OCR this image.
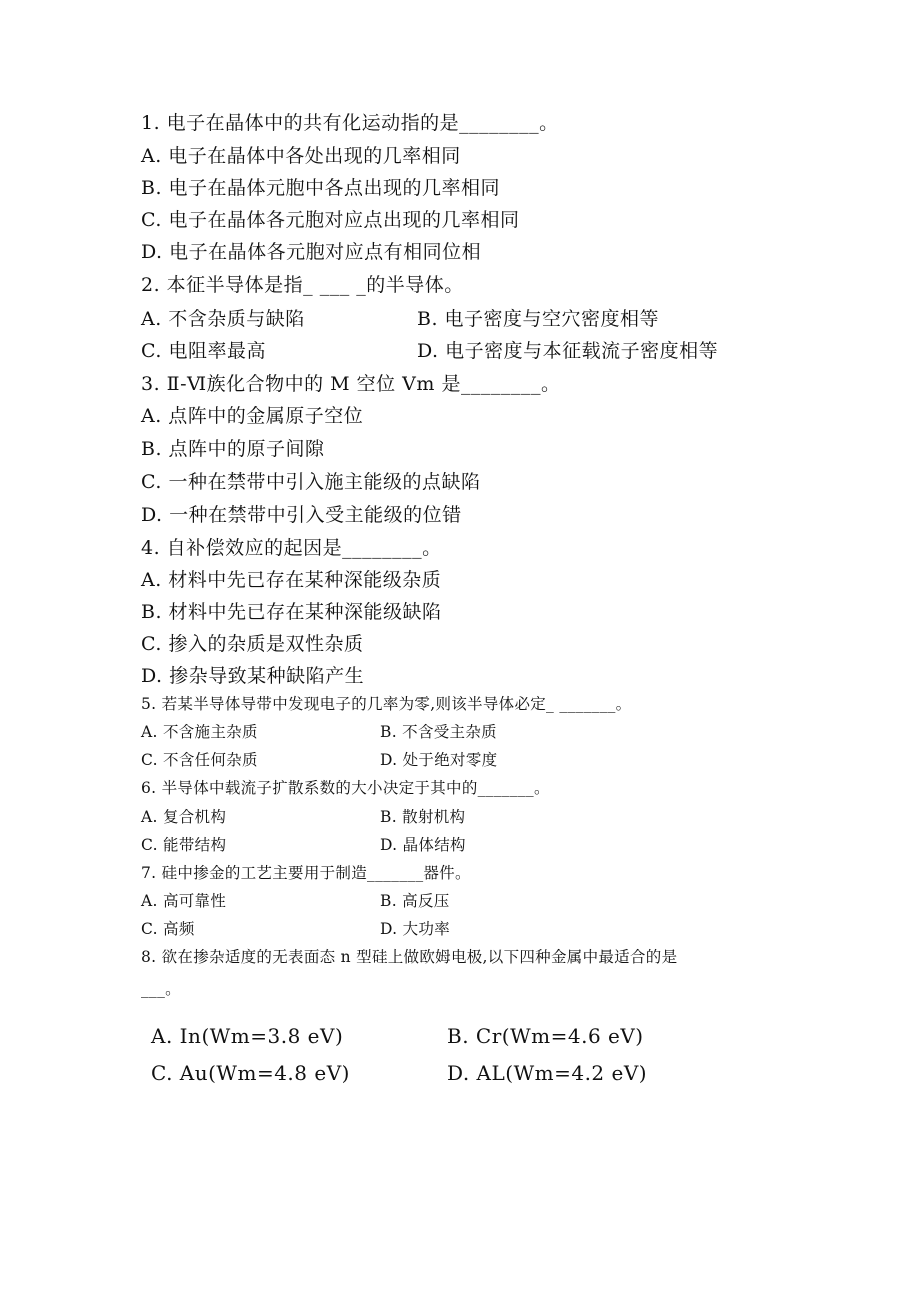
1. 电子在晶体中的共有化运动指的是________。
A. 电子在晶体中各处出现的几率相同
B. 电子在晶体元胞中各点出现的几率相同
C. 电子在晶体各元胞对应点出现的几率相同
D. 电子在晶体各元胞对应点有相同位相
2. 本征半导体是指_ ___ _的半导体。
A. 不含杂质与缺陷	B. 电子密度与空穴密度相等
C. 电阻率最高	D. 电子密度与本征载流子密度相等
3. Ⅱ-Ⅵ族化合物中的 M 空位 Vm 是________。
A. 点阵中的金属原子空位
B. 点阵中的原子间隙
C. 一种在禁带中引入施主能级的点缺陷
D. 一种在禁带中引入受主能级的位错
4. 自补偿效应的起因是________。
A. 材料中先已存在某种深能级杂质
B. 材料中先已存在某种深能级缺陷
C. 掺入的杂质是双性杂质
D. 掺杂导致某种缺陷产生
5. 若某半导体导带中发现电子的几率为零,则该半导体必定_ _______。
A. 不含施主杂质	B. 不含受主杂质
C. 不含任何杂质	D. 处于绝对零度
6. 半导体中载流子扩散系数的大小决定于其中的_______。
A. 复合机构	B. 散射机构
C. 能带结构	D. 晶体结构
7. 硅中掺金的工艺主要用于制造_______器件。
A. 高可靠性	B. 高反压
C. 高频	D. 大功率
8. 欲在掺杂适度的无表面态 n 型硅上做欧姆电极,以下四种金属中最适合的是
___。
A. In(Wm=3.8 eV)	B. Cr(Wm=4.6 eV)
C. Au(Wm=4.8 eV)	D. AL(Wm=4.2 eV)
